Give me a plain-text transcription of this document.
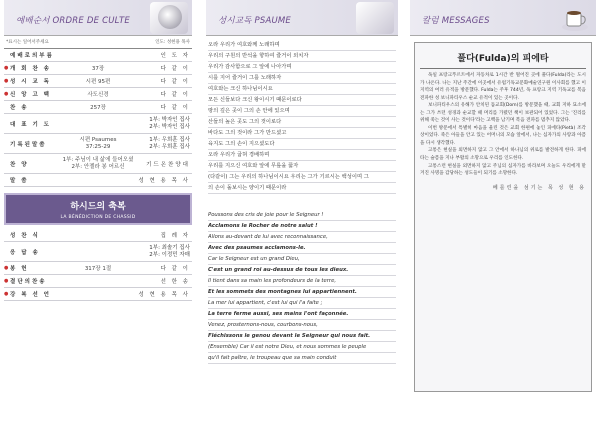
예배순서 ORDRE DE CULTE
*표시는 일어서주세요	인도: 성현용 목사
예배로의부름	인 도 자
● 개 회 찬 송	37장	다 같 이
● 성 시 교 독	시편 95편	다 같 이
● 신 앙 고 백	사도신경	다 같 이
찬 송	257장	다 같 이
대 표 기 도
1부: 박자인 집사
2부: 박자인 집사
기록된말씀
시편 Psaumes
37:25-29
1부: 우희훈 집사
2부: 우희훈 집사
찬 양
1부: 주님이 내 삶에 들어오셨
2부: 안젤라 봉 어르신	기드온찬양대
말 씀	성 현 용 목 사
하시드의 축복
LA BÉNÉDICTION DE CHASSID
성 찬 식	집 례 자
응 답 송
1부: 최솔기 집사
2부: 이정민 자매
● 봉 헌	317장 1절	다 같 이
● 결단의찬송	선 한 송
● 강 복 선 언	성 현 용 목 사
성시교독 PSAUME
오라 우리가 여호와께 노래하며
우리의 구원의 반석을 향하여 즐거이 외치자
우리가 감사함으로 그 앞에 나아가며
시를 지어 즐거이 그를 노래하자
여호와는 크신 하나님이시요
모든 신들보다 크신 왕이시기 때문이로다
땅의 깊은 곳이 그의 손 안에 있으며
산들의 높은 곳도 그의 것이로다
바다도 그의 것이라 그가 만드셨고
육지도 그의 손이 지으셨도다
오라 우리가 굽혀 경배하며
우리를 지으신 여호와 앞에 무릎을 꿇자
(다같이) 그는 우리의 하나님이시요 우리는 그가 기르시는 백성이며 그
의 손이 돌보시는 양이기 때문이라
Poussons des cris de joie pour le Seigneur !
Acclamons le Rocher de notre salut !
Allons au-devant de lui avec reconnaissance,
Avec des psaumes acclamons-le.
Car le Seigneur est un grand Dieu,
C'est un grand roi au-dessus de tous les dieux.
Il tient dans sa main les profondeurs de la terre,
Et les sommets des montagnes lui appartiennent.
La mer lui appartient, c'est lui qui l'a faite ;
La terre ferme aussi, ses mains l'ont façonnée.
Venez, prosternons-nous, courbons-nous,
Fléchissons le genou devant le Seigneur qui nous fait.
(Ensemble) Car il est notre Dieu, et nous sommes le peuple
qu'il fait paître, le troupeau que sa main conduit
칼럼 MESSAGES
풀다(Fulda)의 피에타

독일 프랑크푸르트에서 자동차로 1시간 반 떨어진 곳에 풀다(Fulda)라는 도시가 나온다. 나는 지난 주간에 이곳에서 유럽기독교문화예술연구원 이사회를 했고 이 지역의 여러 유적을 방문했다. Fulda는 주후 744년, 독 프랑크 지역 기독교를 복음 전파한 성 보니파티우스 순교 유적이 있는 곳이다.

보니파티우스의 유해가 안치된 돔교회(Dom)를 방문했을 때, 교회 지하 묘소에는 그가 쓰던 성경과 순교할 때 머리를 가렸던 책이 보관되어 있었다. 그는 '진리를 위해 죽는 것이 사는 것이다'라는 고백을 남기며 복음 전파를 멈추지 않았다.

이번 방문에서 특별히 마음을 울린 것은 교회 한편에 놓인 피에타(Pietà) 조각상이었다. 죽은 아들을 안고 있는 어머니의 모습 앞에서, 나는 십자가의 사랑과 아픔을 다시 생각했다.

고통은 현실을 외면하지 않고 그 안에서 하나님의 위로를 발견하게 한다. 피에타는 슬픔을 지나 부활의 소망으로 우리를 인도한다.

고통스런 현실을 외면하지 않고 주님의 십자가를 바라보며 오늘도 우리에게 맡겨진 사명을 감당하는 성도들이 되기를 소망한다.

베를린을 섬기는 목 성 현 용
